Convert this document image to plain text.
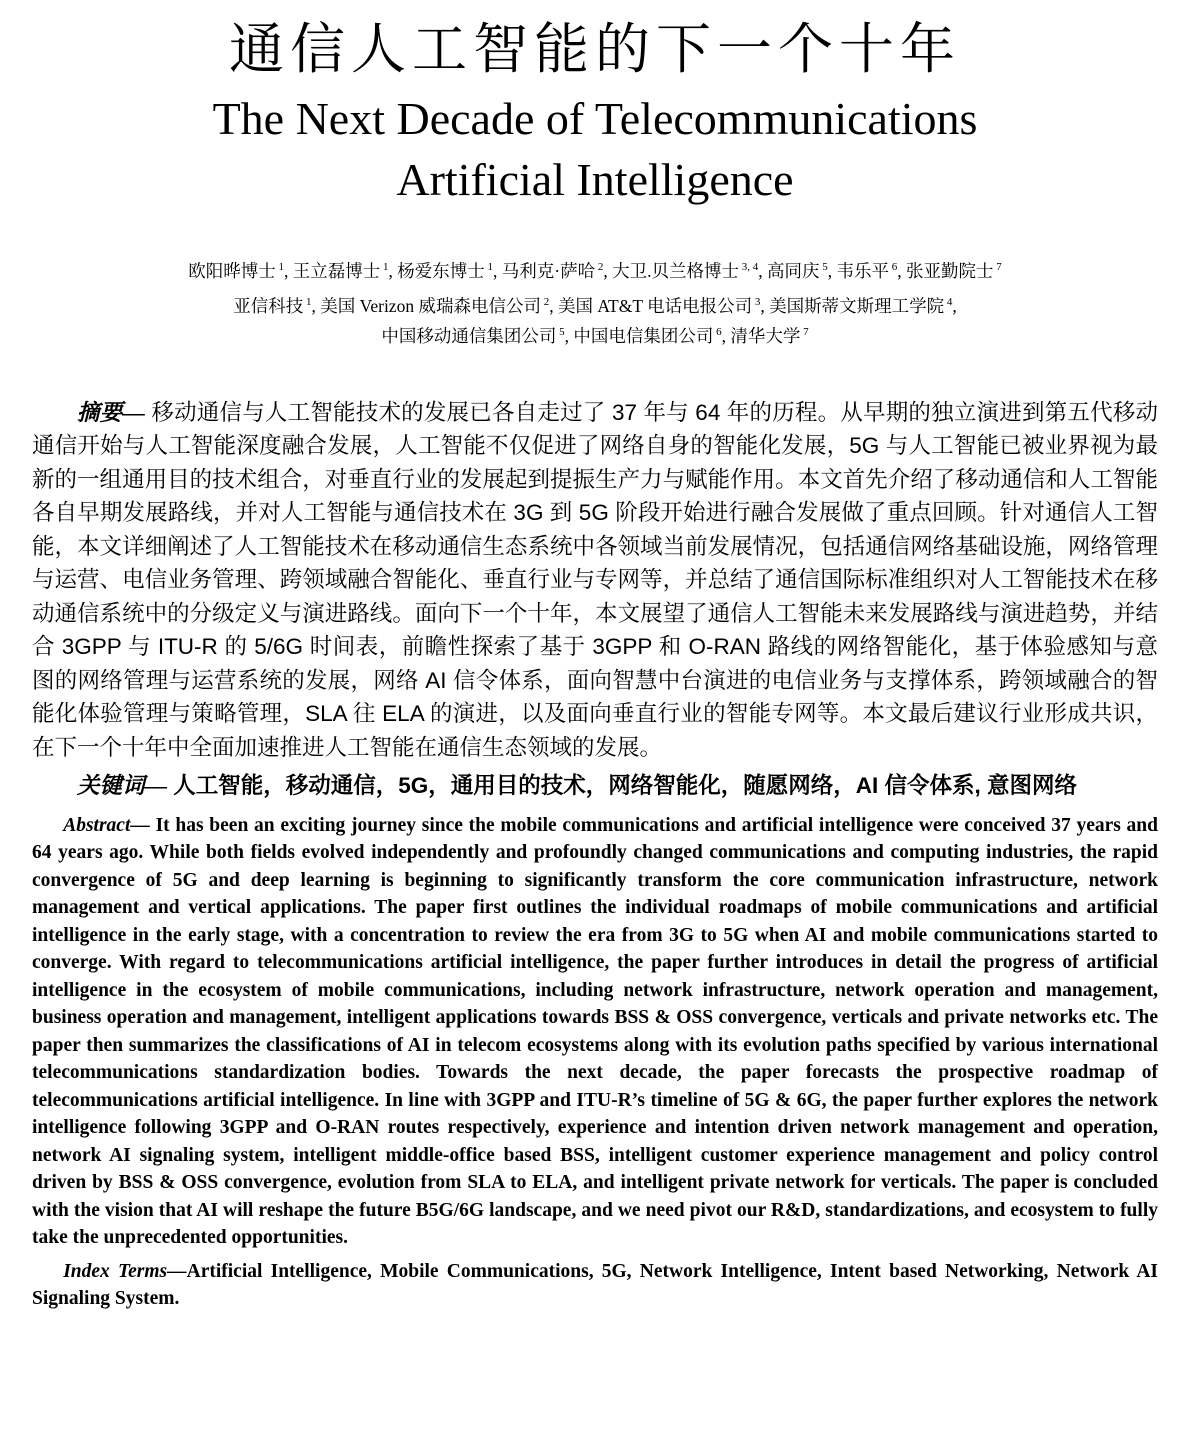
通信人工智能的下一个十年
The Next Decade of Telecommunications
Artificial Intelligence
欧阳晔博士 $^1$, 王立磊博士 $^1$, 杨爱东博士 $^1$, 马利克·萨哈 $^2$, 大卫.贝兰格博士 $^{3, 4}$, 高同庆 $^5$, 韦乐平 $^6$, 张亚勤院士 $^7$
亚信科技 $^1$, 美国 Verizon 威瑞森电信公司 $^2$, 美国 AT&T 电话电报公司 $^3$, 美国斯蒂文斯理工学院 $^4$,
中国移动通信集团公司 $^5$, 中国电信集团公司 $^6$, 清华大学 $^7$

摘要— 移动通信与人工智能技术的发展已各自走过了 37 年与 64 年的历程。从早期的独立演进到第五代移动通信开始与人工智能深度融合发展，人工智能不仅促进了网络自身的智能化发展，5G 与人工智能已被业界视为最新的一组通用目的技术组合，对垂直行业的发展起到提振生产力与赋能作用。本文首先介绍了移动通信和人工智能各自早期发展路线，并对人工智能与通信技术在 3G 到 5G 阶段开始进行融合发展做了重点回顾。针对通信人工智能，本文详细阐述了人工智能技术在移动通信生态系统中各领域当前发展情况，包括通信网络基础设施，网络管理与运营、电信业务管理、跨领域融合智能化、垂直行业与专网等，并总结了通信国际标准组织对人工智能技术在移动通信系统中的分级定义与演进路线。面向下一个十年，本文展望了通信人工智能未来发展路线与演进趋势，并结合 3GPP 与 ITU-R 的 5/6G 时间表，前瞻性探索了基于 3GPP 和 O-RAN 路线的网络智能化，基于体验感知与意图的网络管理与运营系统的发展，网络 AI 信令体系，面向智慧中台演进的电信业务与支撑体系，跨领域融合的智能化体验管理与策略管理，SLA 往 ELA 的演进，以及面向垂直行业的智能专网等。本文最后建议行业形成共识，在下一个十年中全面加速推进人工智能在通信生态领域的发展。

关键词— 人工智能，移动通信，5G，通用目的技术，网络智能化，随愿网络，AI 信令体系, 意图网络

Abstract— It has been an exciting journey since the mobile communications and artificial intelligence were conceived 37 years and 64 years ago. While both fields evolved independently and profoundly changed communications and computing industries, the rapid convergence of 5G and deep learning is beginning to significantly transform the core communication infrastructure, network management and vertical applications. The paper first outlines the individual roadmaps of mobile communications and artificial intelligence in the early stage, with a concentration to review the era from 3G to 5G when AI and mobile communications started to converge. With regard to telecommunications artificial intelligence, the paper further introduces in detail the progress of artificial intelligence in the ecosystem of mobile communications, including network infrastructure, network operation and management, business operation and management, intelligent applications towards BSS & OSS convergence, verticals and private networks etc. The paper then summarizes the classifications of AI in telecom ecosystems along with its evolution paths specified by various international telecommunications standardization bodies. Towards the next decade, the paper forecasts the prospective roadmap of telecommunications artificial intelligence. In line with 3GPP and ITU-R’s timeline of 5G & 6G, the paper further explores the network intelligence following 3GPP and O-RAN routes respectively, experience and intention driven network management and operation, network AI signaling system, intelligent middle-office based BSS, intelligent customer experience management and policy control driven by BSS & OSS convergence, evolution from SLA to ELA, and intelligent private network for verticals. The paper is concluded with the vision that AI will reshape the future B5G/6G landscape, and we need pivot our R&D, standardizations, and ecosystem to fully take the unprecedented opportunities.

Index Terms—Artificial Intelligence, Mobile Communications, 5G, Network Intelligence, Intent based Networking, Network AI Signaling System.
